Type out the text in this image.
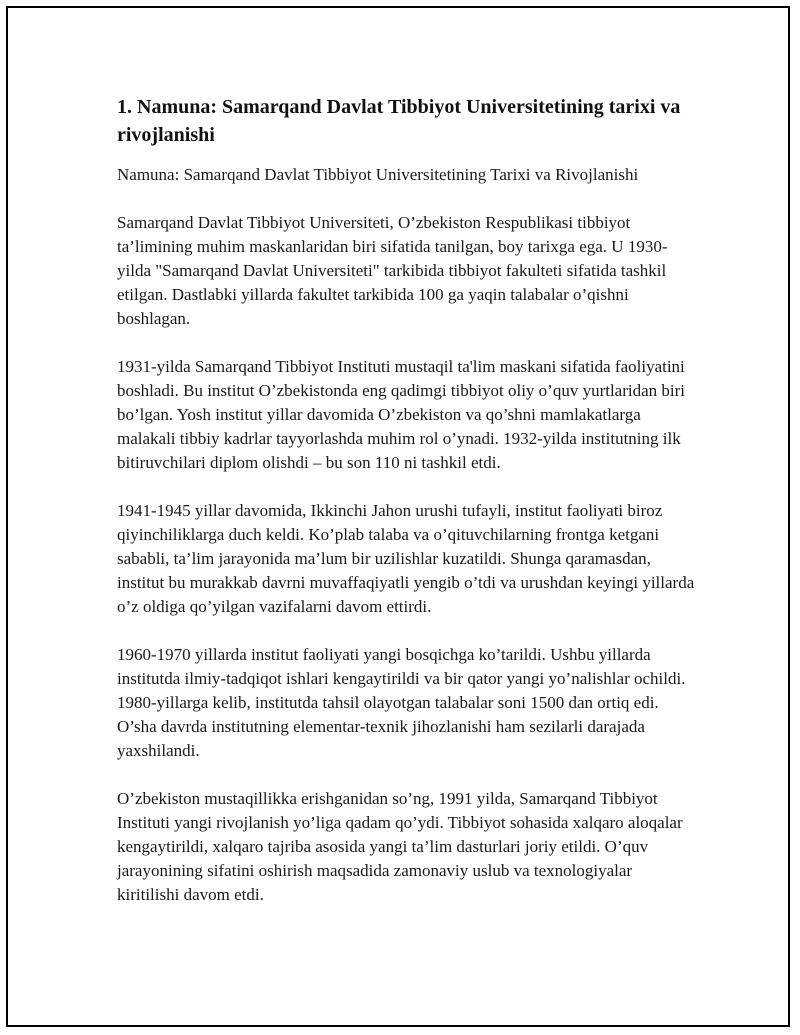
1. Namuna: Samarqand Davlat Tibbiyot Universitetining tarixi va rivojlanishi

Namuna: Samarqand Davlat Tibbiyot Universitetining Tarixi va Rivojlanishi

Samarqand Davlat Tibbiyot Universiteti, O’zbekiston Respublikasi tibbiyot ta’limining muhim maskanlaridan biri sifatida tanilgan, boy tarixga ega. U 1930-yilda "Samarqand Davlat Universiteti" tarkibida tibbiyot fakulteti sifatida tashkil etilgan. Dastlabki yillarda fakultet tarkibida 100 ga yaqin talabalar o’qishni boshlagan.

1931-yilda Samarqand Tibbiyot Instituti mustaqil ta'lim maskani sifatida faoliyatini boshladi. Bu institut O’zbekistonda eng qadimgi tibbiyot oliy o’quv yurtlaridan biri bo’lgan. Yosh institut yillar davomida O’zbekiston va qo’shni mamlakatlarga malakali tibbiy kadrlar tayyorlashda muhim rol o’ynadi. 1932-yilda institutning ilk bitiruvchilari diplom olishdi – bu son 110 ni tashkil etdi.

1941-1945 yillar davomida, Ikkinchi Jahon urushi tufayli, institut faoliyati biroz qiyinchiliklarga duch keldi. Ko’plab talaba va o’qituvchilarning frontga ketgani sababli, ta’lim jarayonida ma’lum bir uzilishlar kuzatildi. Shunga qaramasdan, institut bu murakkab davrni muvaffaqiyatli yengib o’tdi va urushdan keyingi yillarda o’z oldiga qo’yilgan vazifalarni davom ettirdi.

1960-1970 yillarda institut faoliyati yangi bosqichga ko’tarildi. Ushbu yillarda institutda ilmiy-tadqiqot ishlari kengaytirildi va bir qator yangi yo’nalishlar ochildi. 1980-yillarga kelib, institutda tahsil olayotgan talabalar soni 1500 dan ortiq edi. O’sha davrda institutning elementar-texnik jihozlanishi ham sezilarli darajada yaxshilandi.

O’zbekiston mustaqillikka erishganidan so’ng, 1991 yilda, Samarqand Tibbiyot Instituti yangi rivojlanish yo’liga qadam qo’ydi. Tibbiyot sohasida xalqaro aloqalar kengaytirildi, xalqaro tajriba asosida yangi ta’lim dasturlari joriy etildi. O’quv jarayonining sifatini oshirish maqsadida zamonaviy uslub va texnologiyalar kiritilishi davom etdi.
